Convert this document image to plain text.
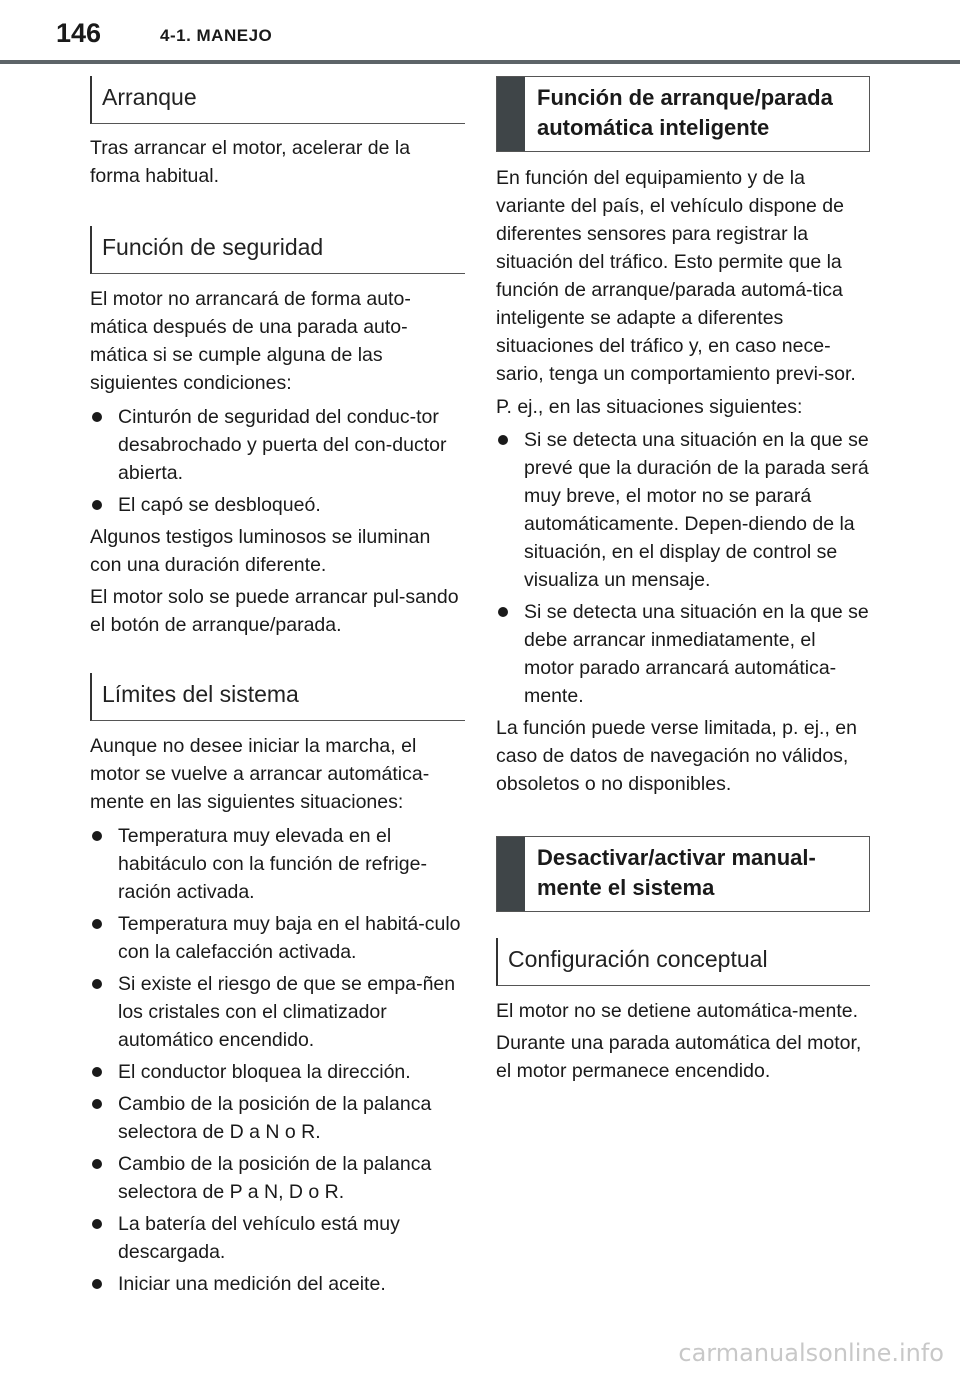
146	4-1. MANEJO
Arranque

Tras arrancar el motor, acelerar de la forma habitual.

Función de seguridad

El motor no arrancará de forma auto-mática después de una parada auto-mática si se cumple alguna de las siguientes condiciones:

Cinturón de seguridad del conduc-tor desabrochado y puerta del con-ductor abierta.
El capó se desbloqueó.

Algunos testigos luminosos se iluminan con una duración diferente.

El motor solo se puede arrancar pul-sando el botón de arranque/parada.

Límites del sistema

Aunque no desee iniciar la marcha, el motor se vuelve a arrancar automática-mente en las siguientes situaciones:

Temperatura muy elevada en el habitáculo con la función de refrige-ración activada.
Temperatura muy baja en el habitá-culo con la calefacción activada.
Si existe el riesgo de que se empa-ñen los cristales con el climatizador automático encendido.
El conductor bloquea la dirección.
Cambio de la posición de la palanca selectora de D a N o R.
Cambio de la posición de la palanca selectora de P a N, D o R.
La batería del vehículo está muy descargada.
Iniciar una medición del aceite.
Función de arranque/parada automática inteligente

En función del equipamiento y de la variante del país, el vehículo dispone de diferentes sensores para registrar la situación del tráfico. Esto permite que la función de arranque/parada automá-tica inteligente se adapte a diferentes situaciones del tráfico y, en caso nece-sario, tenga un comportamiento previ-sor.

P. ej., en las situaciones siguientes:

Si se detecta una situación en la que se prevé que la duración de la parada será muy breve, el motor no se parará automáticamente. Depen-diendo de la situación, en el display de control se visualiza un mensaje.
Si se detecta una situación en la que se debe arrancar inmediatamente, el motor parado arrancará automática-mente.

La función puede verse limitada, p. ej., en caso de datos de navegación no válidos, obsoletos o no disponibles.

Desactivar/activar manual-mente el sistema
Configuración conceptual

El motor no se detiene automática-mente.

Durante una parada automática del motor, el motor permanece encendido.

carmanualsonline.info
